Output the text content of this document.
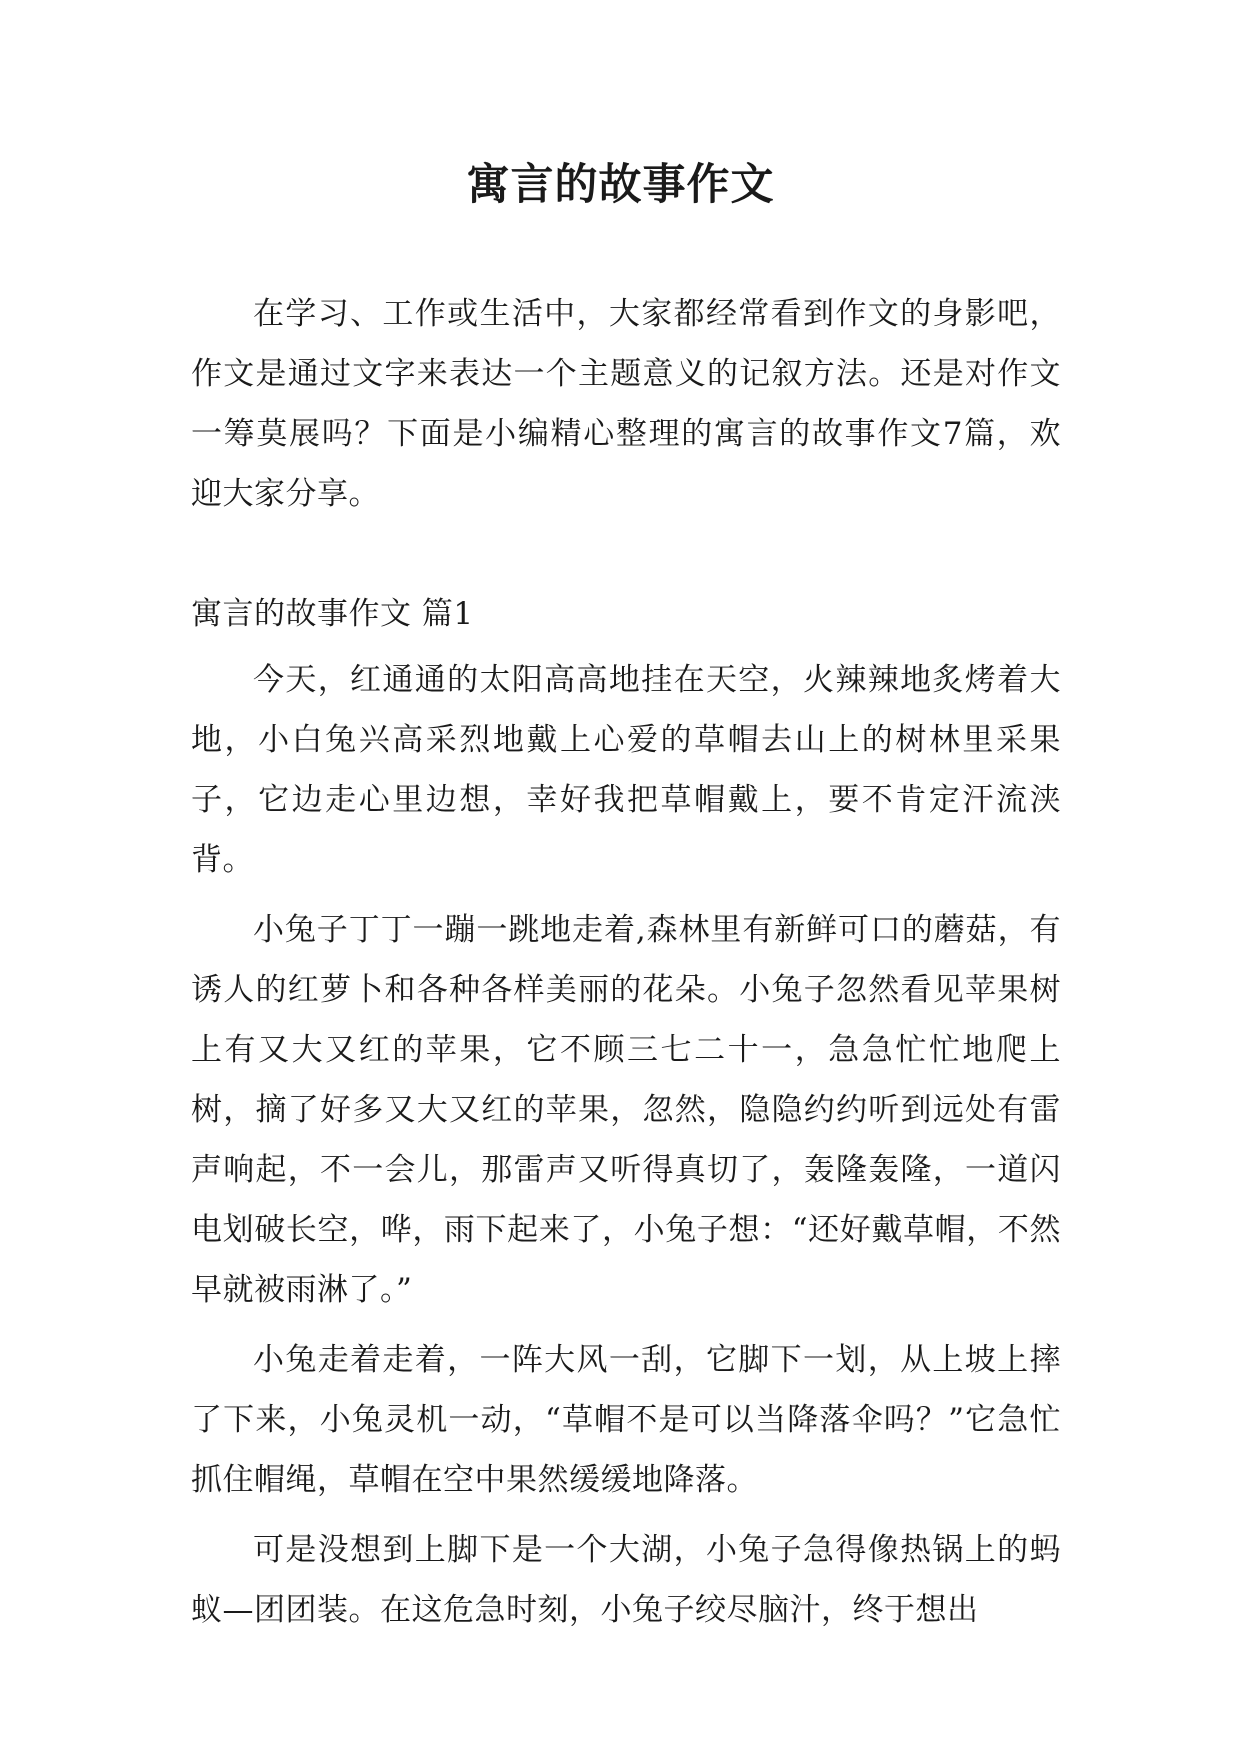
寓言的故事作文

在学习、工作或生活中，大家都经常看到作文的身影吧，作文是通过文字来表达一个主题意义的记叙方法。还是对作文一筹莫展吗？下面是小编精心整理的寓言的故事作文7篇，欢迎大家分享。

寓言的故事作文 篇1

今天，红通通的太阳高高地挂在天空，火辣辣地炙烤着大地，小白兔兴高采烈地戴上心爱的草帽去山上的树林里采果子，它边走心里边想，幸好我把草帽戴上，要不肯定汗流浃背。

小兔子丁丁一蹦一跳地走着,森林里有新鲜可口的蘑菇，有诱人的红萝卜和各种各样美丽的花朵。小兔子忽然看见苹果树上有又大又红的苹果，它不顾三七二十一，急急忙忙地爬上树，摘了好多又大又红的苹果，忽然，隐隐约约听到远处有雷声响起，不一会儿，那雷声又听得真切了，轰隆轰隆，一道闪电划破长空，哗，雨下起来了，小兔子想：“还好戴草帽，不然早就被雨淋了。”

小兔走着走着，一阵大风一刮，它脚下一划，从上坡上摔了下来，小兔灵机一动，“草帽不是可以当降落伞吗？”它急忙抓住帽绳，草帽在空中果然缓缓地降落。

可是没想到上脚下是一个大湖，小兔子急得像热锅上的蚂蚁—团团装。在这危急时刻，小兔子绞尽脑汁，终于想出
